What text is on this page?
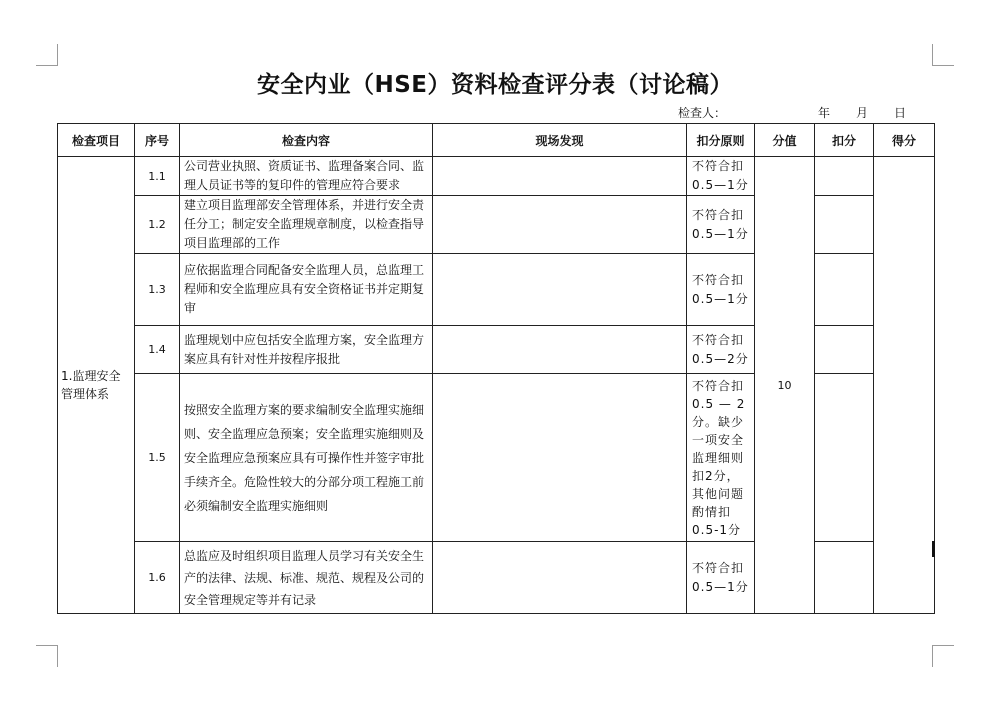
安全内业（HSE）资料检查评分表（讨论稿）
检查人：	年 月 日
检查项目	序号	检查内容	现场发现	扣分原则	分值	扣分	得分
1.监理安全管理体系	1.1	公司营业执照、资质证书、监理备案合同、监理人员证书等的复印件的管理应符合要求		不符合扣0.5—1分	10		
	1.2	建立项目监理部安全管理体系，并进行安全责任分工；制定安全监理规章制度，以检查指导项目监理部的工作		不符合扣0.5—1分			
	1.3	应依据监理合同配备安全监理人员，总监理工程师和安全监理应具有安全资格证书并定期复审		不符合扣0.5—1分			
	1.4	监理规划中应包括安全监理方案，安全监理方案应具有针对性并按程序报批		不符合扣0.5—2分			
	1.5	按照安全监理方案的要求编制安全监理实施细则、安全监理应急预案；安全监理实施细则及安全监理应急预案应具有可操作性并签字审批手续齐全。危险性较大的分部分项工程施工前必须编制安全监理实施细则		不符合扣0.5 — 2分。缺少一项安全监理细则扣2分，其他问题酌情扣0.5-1分			
	1.6	总监应及时组织项目监理人员学习有关安全生产的法律、法规、标准、规范、规程及公司的安全管理规定等并有记录		不符合扣0.5—1分			
